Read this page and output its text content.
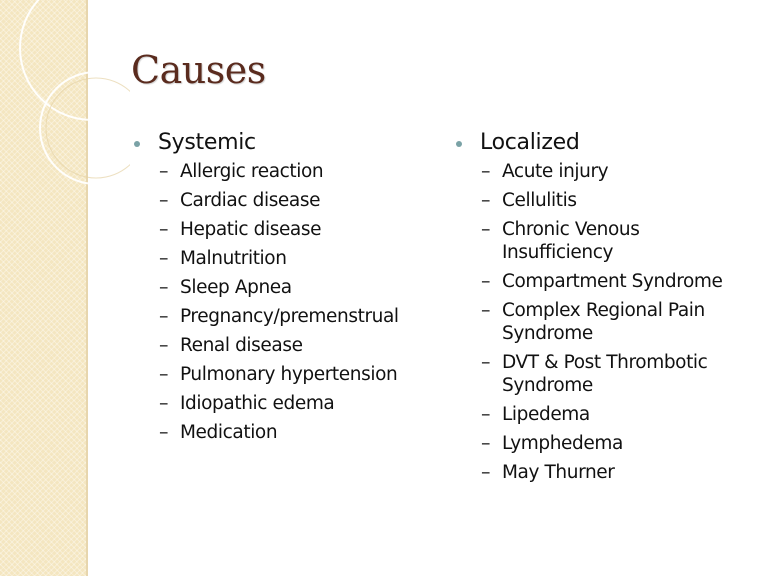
Causes
Systemic
– Allergic reaction
– Cardiac disease
– Hepatic disease
– Malnutrition
– Sleep Apnea
– Pregnancy/premenstrual
– Renal disease
– Pulmonary hypertension
– Idiopathic edema
– Medication
Localized
– Acute injury
– Cellulitis
– Chronic Venous Insufficiency
– Compartment Syndrome
– Complex Regional Pain Syndrome
– DVT & Post Thrombotic Syndrome
– Lipedema
– Lymphedema
– May Thurner
